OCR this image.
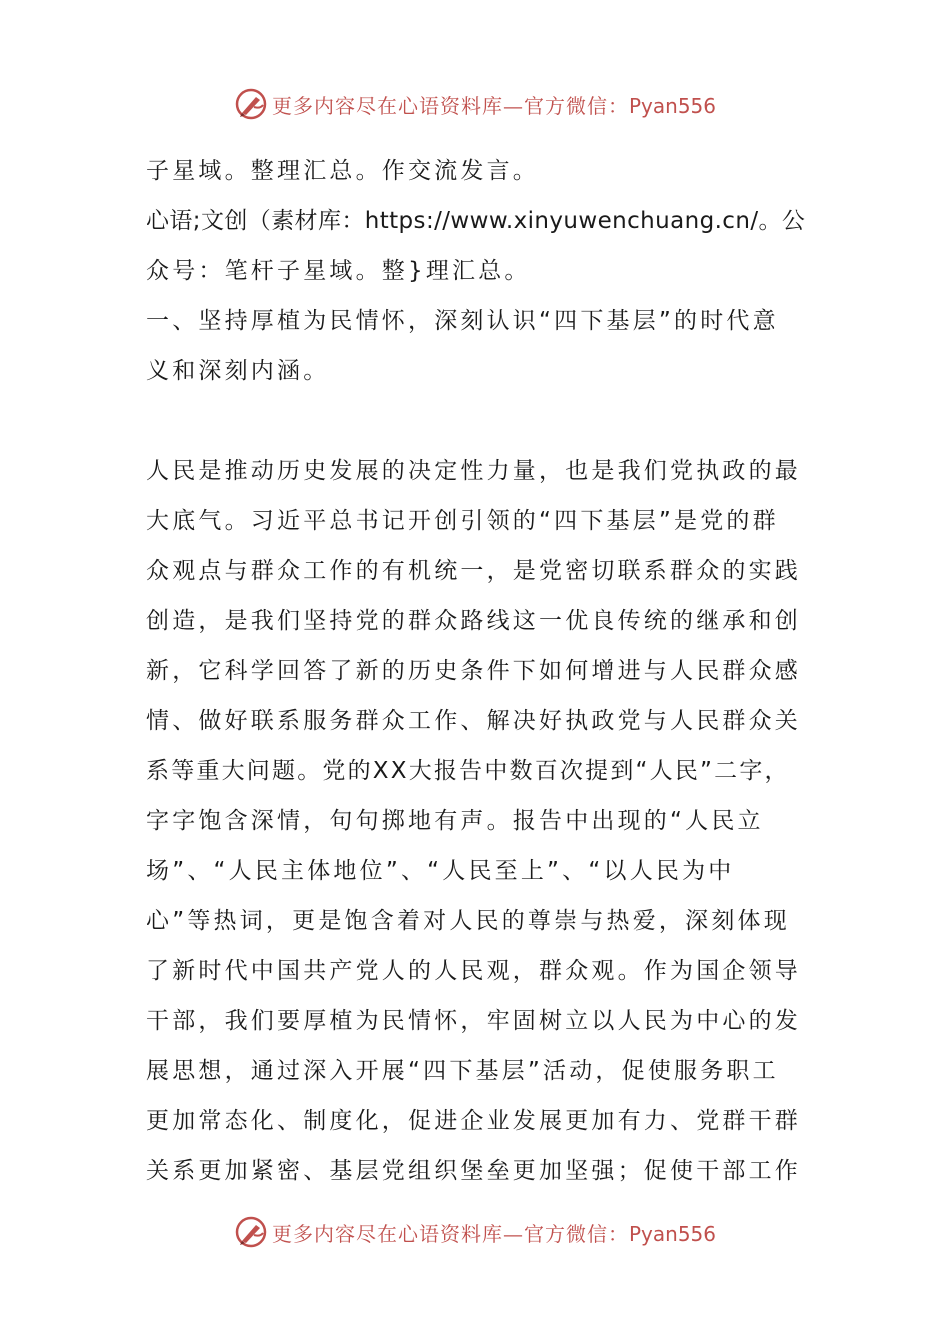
更多内容尽在心语资料库—官方微信：Pyan556
子星域。整理汇总。作交流发言。
心语;文创（素材库：https://www.xinyuwenchuang.cn/。公
众号：笔杆子星域。整}理汇总。
一、坚持厚植为民情怀，深刻认识“四下基层”的时代意
义和深刻内涵。
人民是推动历史发展的决定性力量，也是我们党执政的最
大底气。习近平总书记开创引领的“四下基层”是党的群
众观点与群众工作的有机统一，是党密切联系群众的实践
创造，是我们坚持党的群众路线这一优良传统的继承和创
新，它科学回答了新的历史条件下如何增进与人民群众感
情、做好联系服务群众工作、解决好执政党与人民群众关
系等重大问题。党的XX大报告中数百次提到“人民”二字，
字字饱含深情，句句掷地有声。报告中出现的“人民立
场”、“人民主体地位”、“人民至上”、“以人民为中
心”等热词，更是饱含着对人民的尊崇与热爱，深刻体现
了新时代中国共产党人的人民观，群众观。作为国企领导
干部，我们要厚植为民情怀，牢固树立以人民为中心的发
展思想，通过深入开展“四下基层”活动，促使服务职工
更加常态化、制度化，促进企业发展更加有力、党群干群
关系更加紧密、基层党组织堡垒更加坚强；促使干部工作
更多内容尽在心语资料库—官方微信：Pyan556
